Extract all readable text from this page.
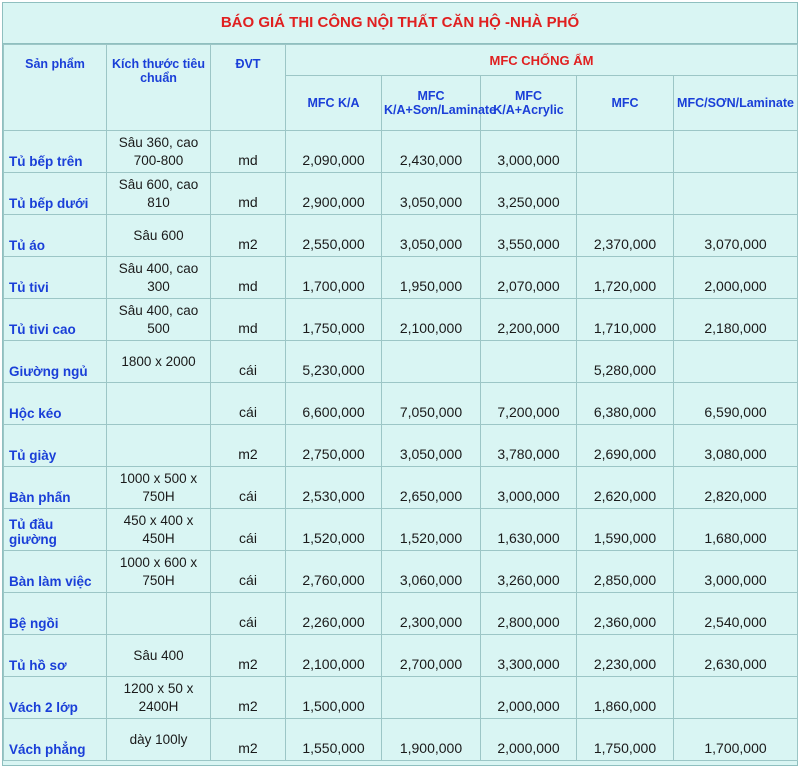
BÁO GIÁ THI CÔNG NỘI THẤT CĂN HỘ -NHÀ PHỐ
Sản phẩm	Kích thước tiêu chuẩn	ĐVT	MFC CHỐNG ẨM				
			MFC K/A	MFC K/A+Sơn/Laminate	MFC K/A+Acrylic	MFC	MFC/SƠN/Laminate
Tủ bếp trên	Sâu 360, cao 700-800	md	2,090,000	2,430,000	3,000,000		
Tủ bếp dưới	Sâu 600, cao 810	md	2,900,000	3,050,000	3,250,000		
Tủ áo	Sâu 600	m2	2,550,000	3,050,000	3,550,000	2,370,000	3,070,000
Tủ tivi	Sâu 400, cao 300	md	1,700,000	1,950,000	2,070,000	1,720,000	2,000,000
Tủ tivi cao	Sâu 400, cao 500	md	1,750,000	2,100,000	2,200,000	1,710,000	2,180,000
Giường ngủ	1800 x 2000	cái	5,230,000			5,280,000	
Hộc kéo		cái	6,600,000	7,050,000	7,200,000	6,380,000	6,590,000
Tủ giày		m2	2,750,000	3,050,000	3,780,000	2,690,000	3,080,000
Bàn phấn	1000 x 500 x 750H	cái	2,530,000	2,650,000	3,000,000	2,620,000	2,820,000
Tủ đầu giường	450 x 400 x 450H	cái	1,520,000	1,520,000	1,630,000	1,590,000	1,680,000
Bàn làm việc	1000 x 600 x 750H	cái	2,760,000	3,060,000	3,260,000	2,850,000	3,000,000
Bệ ngồi		cái	2,260,000	2,300,000	2,800,000	2,360,000	2,540,000
Tủ hồ sơ	Sâu 400	m2	2,100,000	2,700,000	3,300,000	2,230,000	2,630,000
Vách 2 lớp	1200 x 50 x 2400H	m2	1,500,000		2,000,000	1,860,000	
Vách phẳng	dày 100ly	m2	1,550,000	1,900,000	2,000,000	1,750,000	1,700,000
